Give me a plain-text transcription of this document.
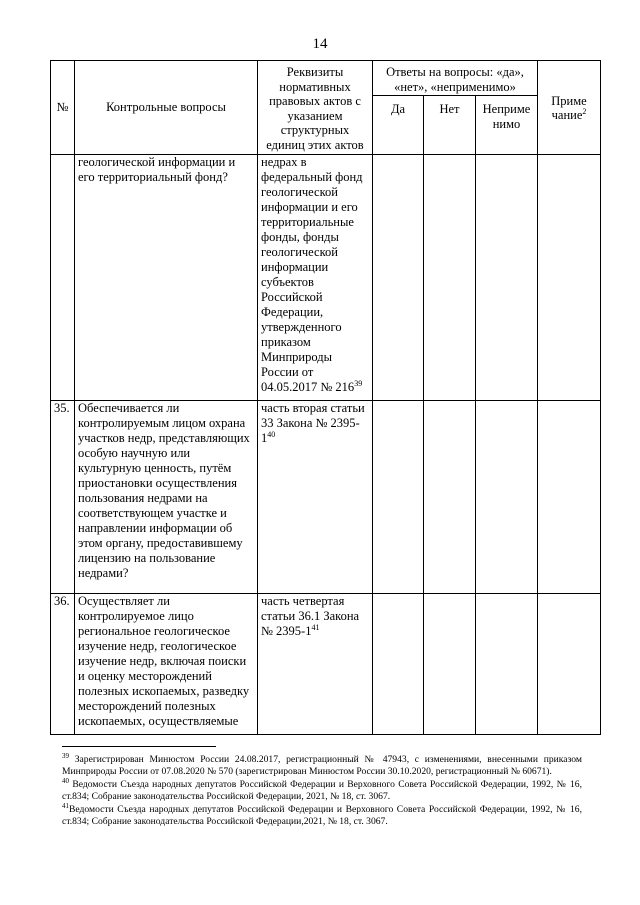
14
№	Контрольные вопросы	Реквизиты нормативных правовых актов с указанием структурных единиц этих актов	Ответы на вопросы: «да», «нет», «неприменимо»			Приме чание$^2$
			Да	Нет	Неприме нимо	
	геологической информации и его территориальный фонд?	недрах в федеральный фонд геологической информации и его территориальные фонды, фонды геологической информации субъектов Российской Федерации, утвержденного приказом Минприроды России от 04.05.2017 № $216^{39}$				
35.	Обеспечивается ли контролируемым лицом охрана участков недр, представляющих особую научную или культурную ценность, путём приостановки осуществления пользования недрами на соответствующем участке и направлении информации об этом органу, предоставившему лицензию на пользование недрами?	часть вторая статьи 33 Закона № $2395-1^{40}$				
36.	Осуществляет ли контролируемое лицо региональное геологическое изучение недр, геологическое изучение недр, включая поиски и оценку месторождений полезных ископаемых, разведку месторождений полезных ископаемых, осуществляемые	часть четвертая статьи 36.1 Закона № $2395-1^{41}$				

$^{39}$ Зарегистрирован Минюстом России 24.08.2017, регистрационный № 47943, с изменениями, внесенными приказом Минприроды России от 07.08.2020 № 570 (зарегистрирован Минюстом России 30.10.2020, регистрационный № 60671).

$^{40}$ Ведомости Съезда народных депутатов Российской Федерации и Верховного Совета Российской Федерации, 1992, № 16, ст.834; Собрание законодательства Российской Федерации, 2021, № 18, ст. 3067.

$^{41}$Ведомости Съезда народных депутатов Российской Федерации и Верховного Совета Российской Федерации, 1992, № 16, ст.834; Собрание законодательства Российской Федерации,2021, № 18, ст. 3067.
